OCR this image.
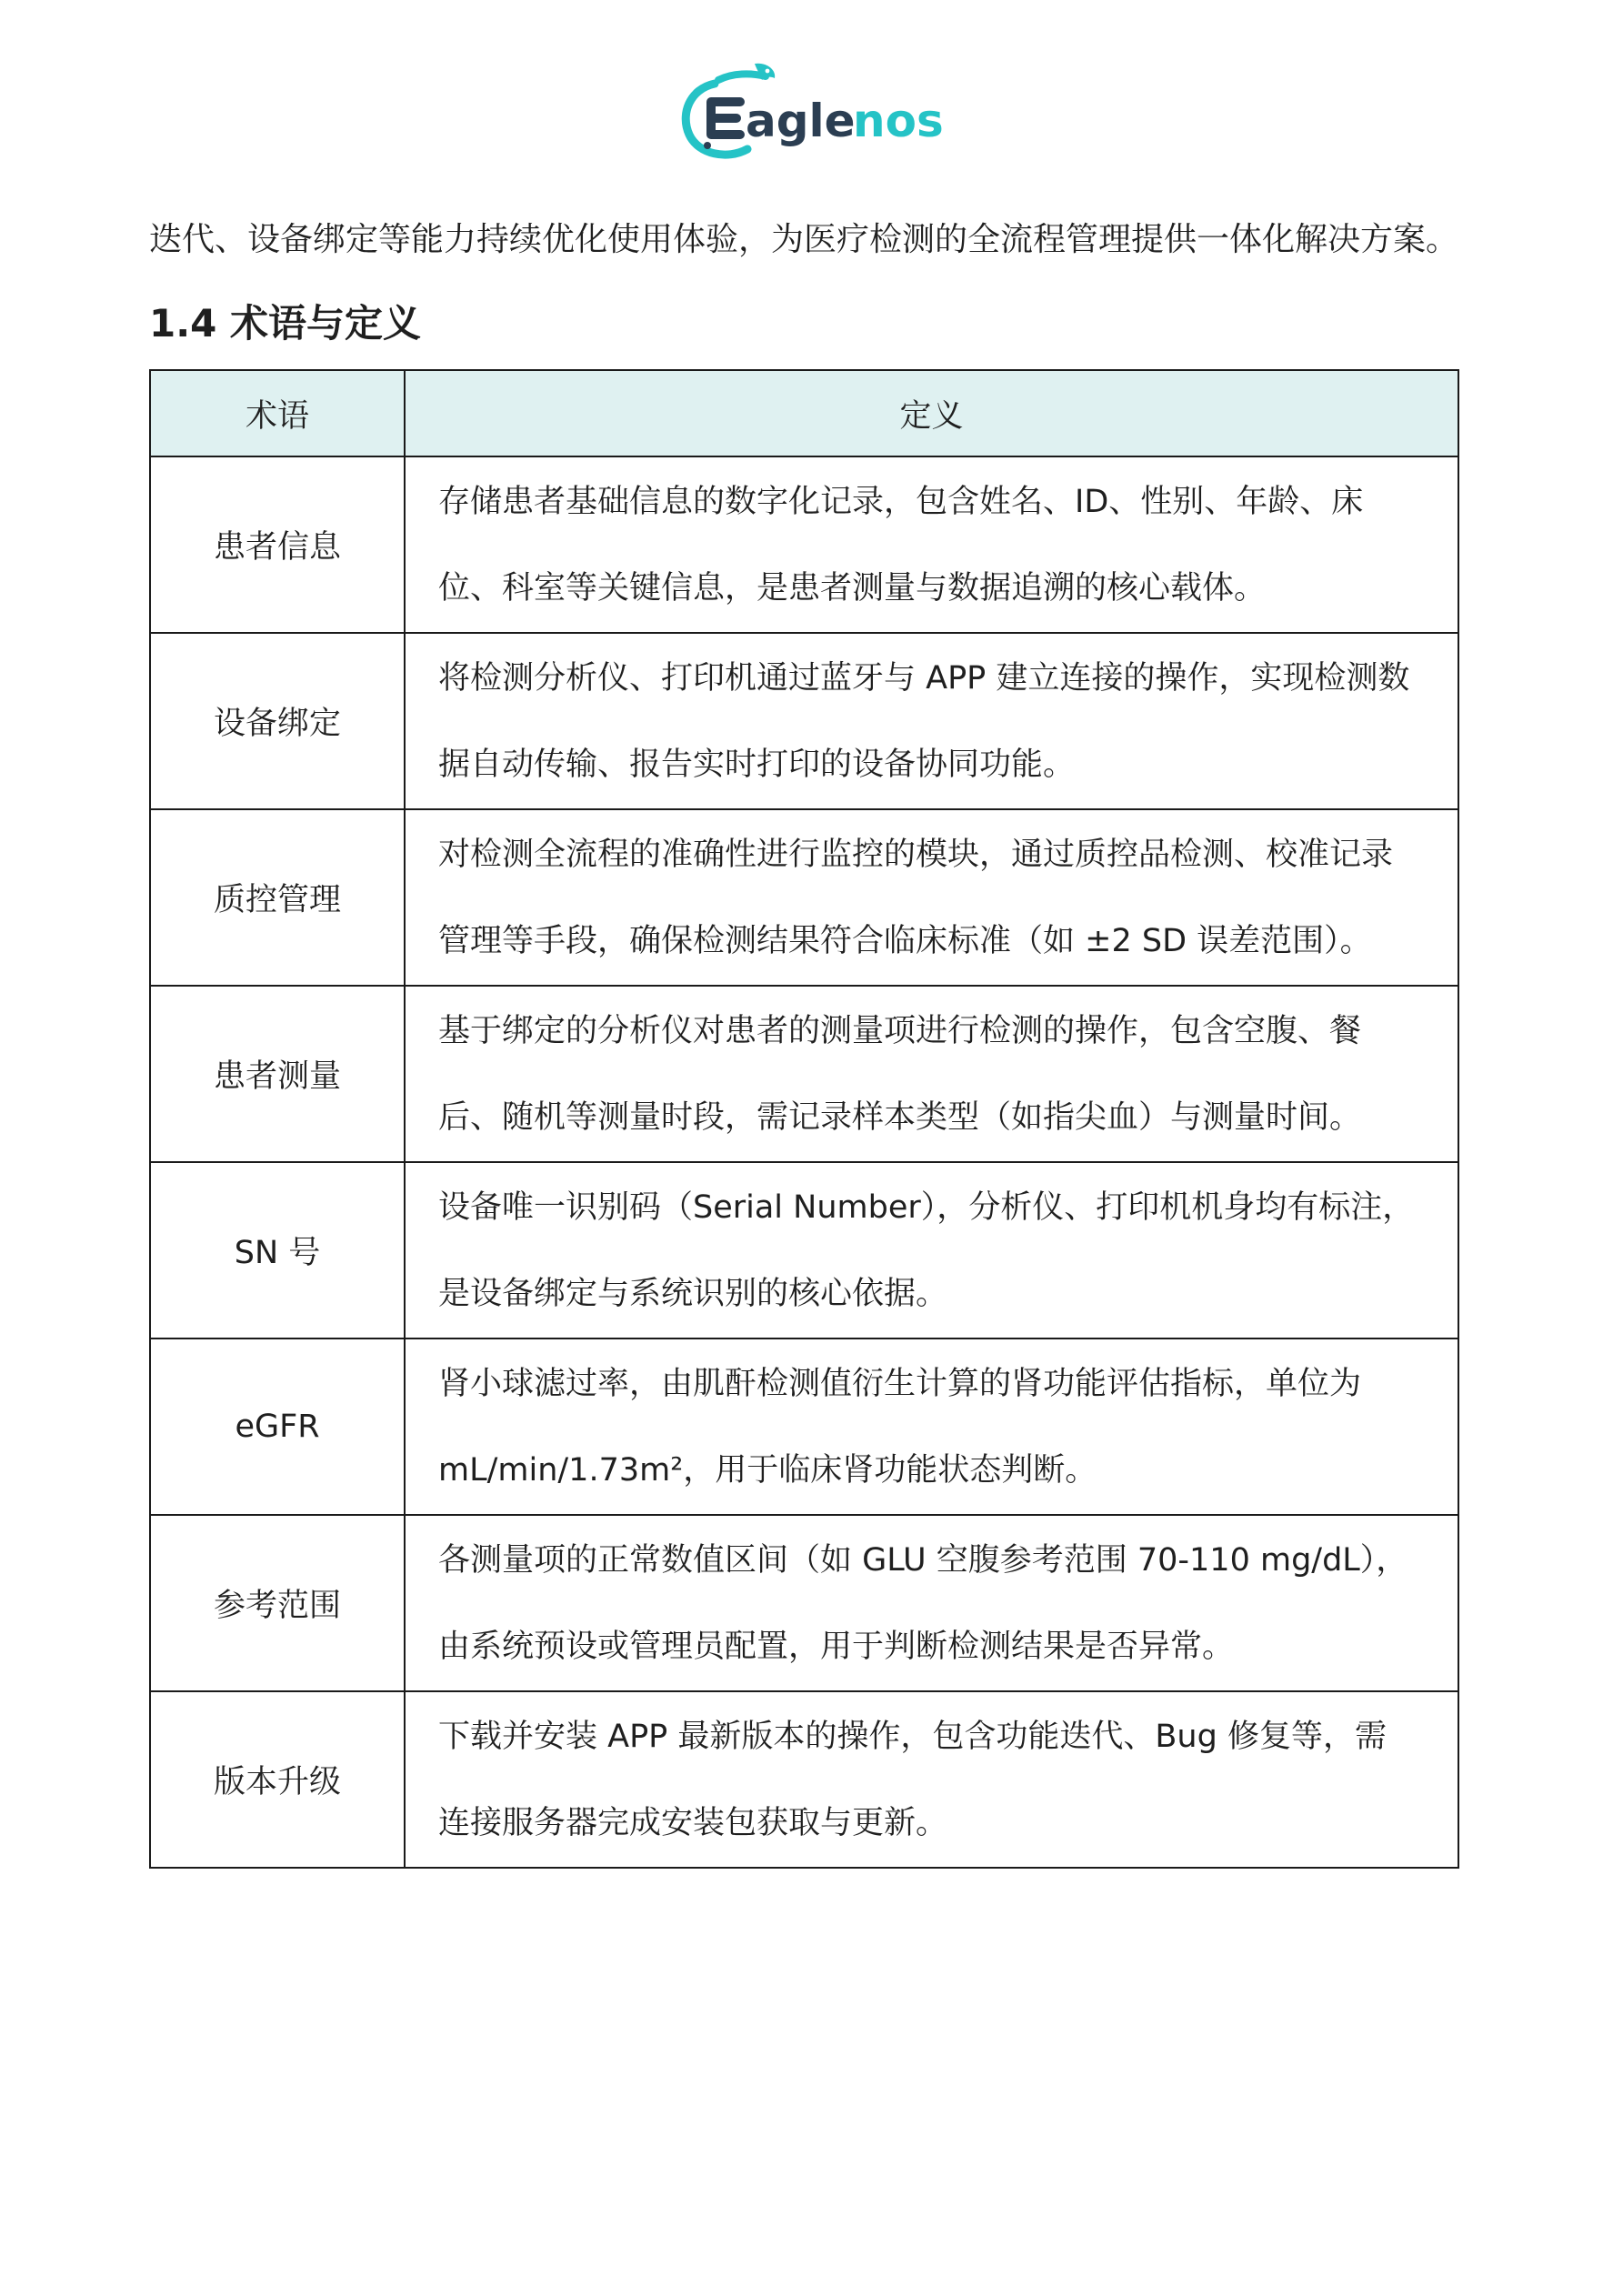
agle
nos
迭代、设备绑定等能力持续优化使用体验，为医疗检测的全流程管理提供一体化解决方案。
1.4 术语与定义
术语	定义
患者信息	存储患者基础信息的数字化记录，包含姓名、ID、性别、年龄、床
位、科室等关键信息，是患者测量与数据追溯的核心载体。

设备绑定	将检测分析仪、打印机通过蓝牙与 APP 建立连接的操作，实现检测数
据自动传输、报告实时打印的设备协同功能。

质控管理	对检测全流程的准确性进行监控的模块，通过质控品检测、校准记录
管理等手段，确保检测结果符合临床标准（如 ±2 SD 误差范围）。

患者测量	基于绑定的分析仪对患者的测量项进行检测的操作，包含空腹、餐
后、随机等测量时段，需记录样本类型（如指尖血）与测量时间。

SN 号	设备唯一识别码（Serial Number），分析仪、打印机机身均有标注，
是设备绑定与系统识别的核心依据。

eGFR	肾小球滤过率，由肌酐检测值衍生计算的肾功能评估指标，单位为
mL/min/1.73m²，用于临床肾功能状态判断。

参考范围	各测量项的正常数值区间（如 GLU 空腹参考范围 70-110 mg/dL），
由系统预设或管理员配置，用于判断检测结果是否异常。

版本升级	下载并安装 APP 最新版本的操作，包含功能迭代、Bug 修复等，需
连接服务器完成安装包获取与更新。
